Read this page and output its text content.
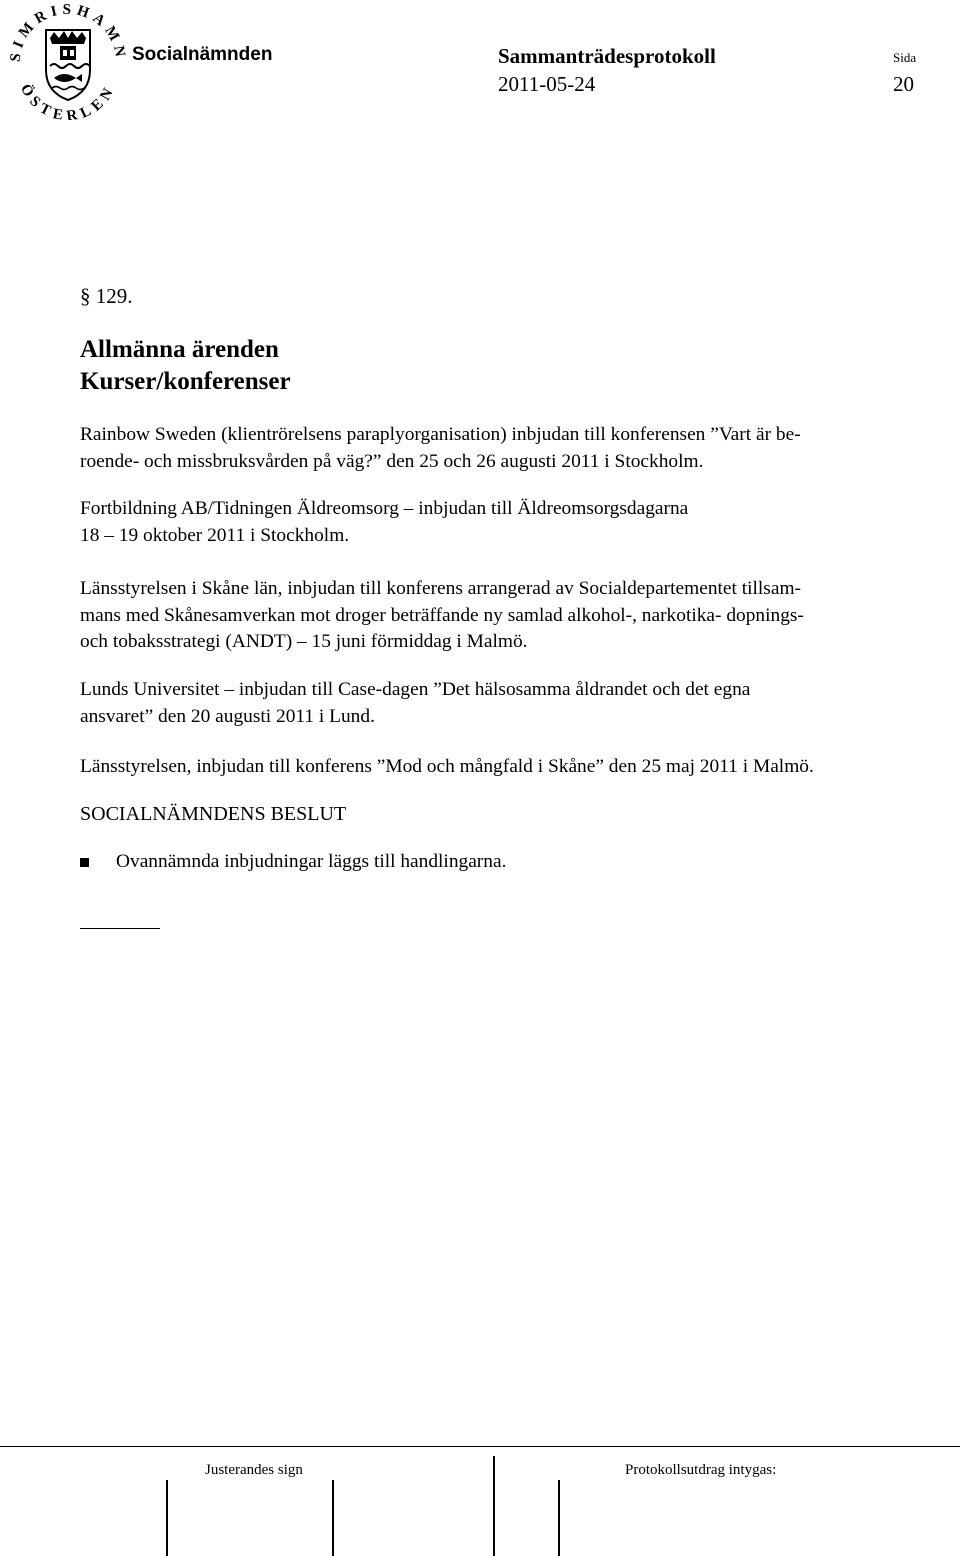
SIMRISHAMN
ÖSTERLEN
Socialnämnden	Sammanträdesprotokoll
2011-05-24
Sida
20
§ 129.
Allmänna ärenden
Kurser/konferenser
Rainbow Sweden (klientrörelsens paraplyorganisation) inbjudan till konferensen ”Vart är be-
roende- och missbruksvården på väg?” den 25 och 26 augusti 2011 i Stockholm.
Fortbildning AB/Tidningen Äldreomsorg – inbjudan till Äldreomsorgsdagarna
18 – 19 oktober 2011 i Stockholm.
Länsstyrelsen i Skåne län, inbjudan till konferens arrangerad av Socialdepartementet tillsam-
mans med Skånesamverkan mot droger beträffande ny samlad alkohol-, narkotika- dopnings-
och tobaksstrategi (ANDT) – 15 juni förmiddag i Malmö.
Lunds Universitet – inbjudan till Case-dagen ”Det hälsosamma åldrandet och det egna
ansvaret” den 20 augusti 2011 i Lund.
Länsstyrelsen, inbjudan till konferens ”Mod och mångfald i Skåne” den 25 maj 2011 i Malmö.
SOCIALNÄMNDENS BESLUT
Ovannämnda inbjudningar läggs till handlingarna.
Justerandes sign	Protokollsutdrag intygas:
